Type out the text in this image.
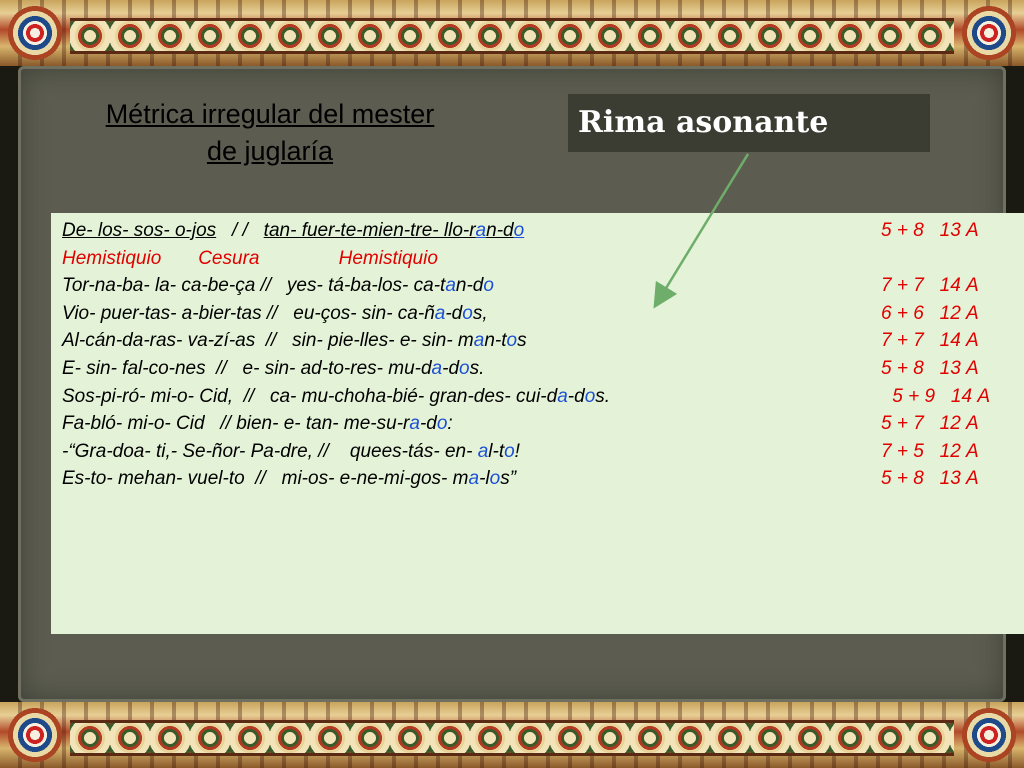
Métrica irregular del mester de juglaría
Rima asonante
De- los- sos- o-jos   / /   tan- fuer-te-mien-tre- llo-ran-do	5 + 8   13 A
Hemistiquio       Cesura               Hemistiquio
Tor-na-ba- la- ca-be-ça //   yes- tá-ba-los- ca-tan-do	7 + 7   14 A
Vio- puer-tas- a-bier-tas //   eu-ços- sin- ca-ña-dos,	6 + 6   12 A
Al-cán-da-ras- va-zí-as  //   sin- pie-lles- e- sin- man-tos	7 + 7   14 A
E- sin- fal-co-nes  //   e- sin- ad-to-res- mu-da-dos.	5 + 8   13 A
Sos-pi-ró- mi-o- Cid,  //   ca- mu-choha-bié- gran-des- cui-da-dos.	5 + 9   14 A
Fa-bló- mi-o- Cid   // bien- e- tan- me-su-ra-do:	5 + 7   12 A
-“Gra-doa- ti,- Se-ñor- Pa-dre, //    quees-tás- en- al-to!	7 + 5   12 A
Es-to- mehan- vuel-to  //   mi-os- e-ne-mi-gos- ma-los”	5 + 8   13 A
